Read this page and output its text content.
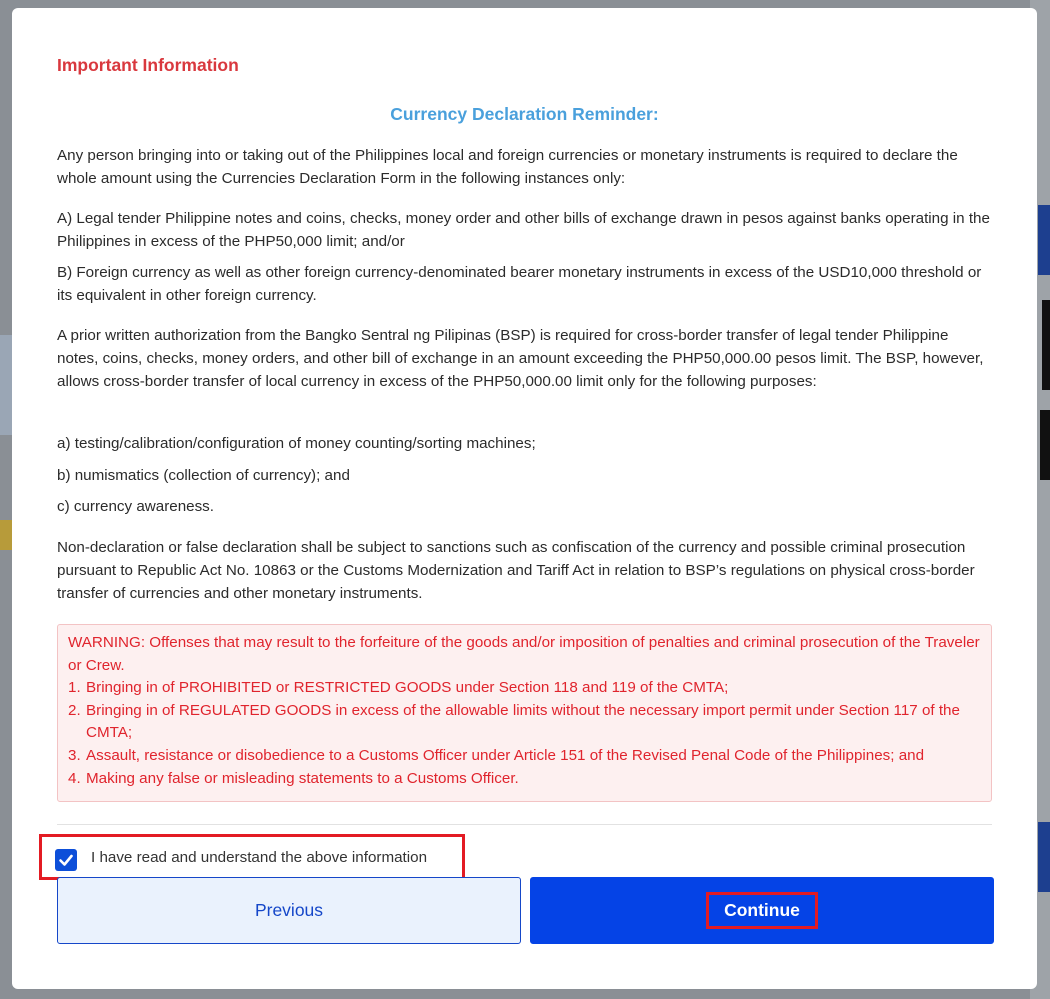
Important Information
Currency Declaration Reminder:

Any person bringing into or taking out of the Philippines local and foreign currencies or monetary instruments is required to declare the whole amount using the Currencies Declaration Form in the following instances only:

A) Legal tender Philippine notes and coins, checks, money order and other bills of exchange drawn in pesos against banks operating in the Philippines in excess of the PHP50,000 limit; and/or

B) Foreign currency as well as other foreign currency-denominated bearer monetary instruments in excess of the USD10,000 threshold or its equivalent in other foreign currency.

A prior written authorization from the Bangko Sentral ng Pilipinas (BSP) is required for cross-border transfer of legal tender Philippine notes, coins, checks, money orders, and other bill of exchange in an amount exceeding the PHP50,000.00 pesos limit. The BSP, however, allows cross-border transfer of local currency in excess of the PHP50,000.00 limit only for the following purposes:

a) testing/calibration/configuration of money counting/sorting machines;

b) numismatics (collection of currency); and

c) currency awareness.

Non-declaration or false declaration shall be subject to sanctions such as confiscation of the currency and possible criminal prosecution pursuant to Republic Act No. 10863 or the Customs Modernization and Tariff Act in relation to BSP’s regulations on physical cross-border transfer of currencies and other monetary instruments.

WARNING: Offenses that may result to the forfeiture of the goods and/or imposition of penalties and criminal prosecution of the Traveler or Crew.
1. Bringing in of PROHIBITED or RESTRICTED GOODS under Section 118 and 119 of the CMTA;
2. Bringing in of REGULATED GOODS in excess of the allowable limits without the necessary import permit under Section 117 of the CMTA;
3. Assault, resistance or disobedience to a Customs Officer under Article 151 of the Revised Penal Code of the Philippines; and
4. Making any false or misleading statements to a Customs Officer.
I have read and understand the above information
Previous	Continue
